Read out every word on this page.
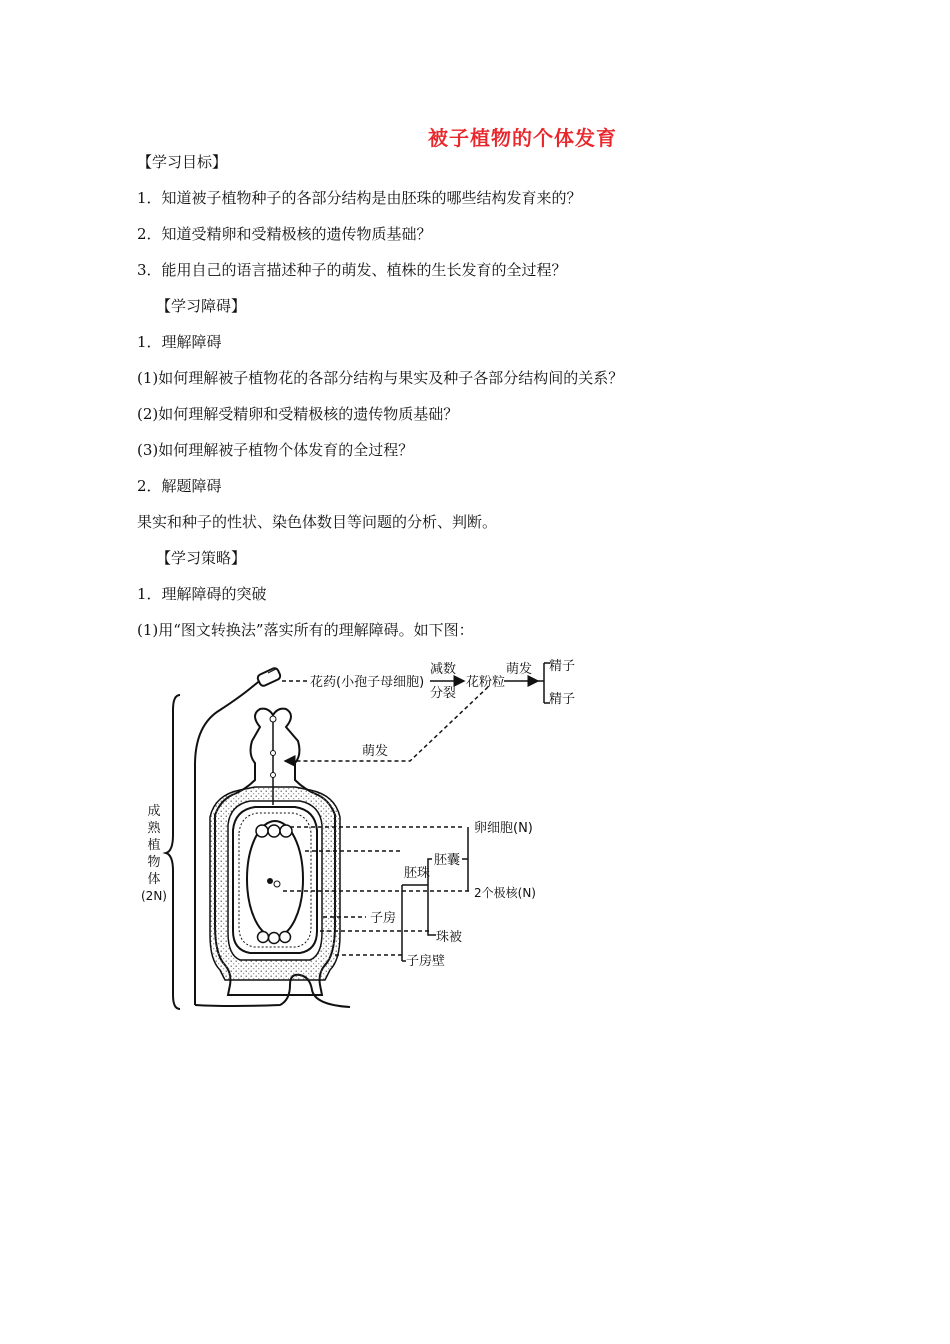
被子植物的个体发育
【学习目标】
1．知道被子植物种子的各部分结构是由胚珠的哪些结构发育来的？
2．知道受精卵和受精极核的遗传物质基础？
3．能用自己的语言描述种子的萌发、植株的生长发育的全过程？
【学习障碍】
1．理解障碍
(1)如何理解被子植物花的各部分结构与果实及种子各部分结构间的关系？
(2)如何理解受精卵和受精极核的遗传物质基础？
(3)如何理解被子植物个体发育的全过程？
2．解题障碍
果实和种子的性状、染色体数目等问题的分析、判断。
【学习策略】
1．理解障碍的突破
(1)用“图文转换法”落实所有的理解障碍。如下图：
成
熟
植
物
体
(2N)
花药(小孢子母细胞)
减数
分裂
花粉粒
萌发 精子
精子
萌发
卵细胞(N)
2个极核(N)
胚囊
胚珠
子房
珠被
子房壁
